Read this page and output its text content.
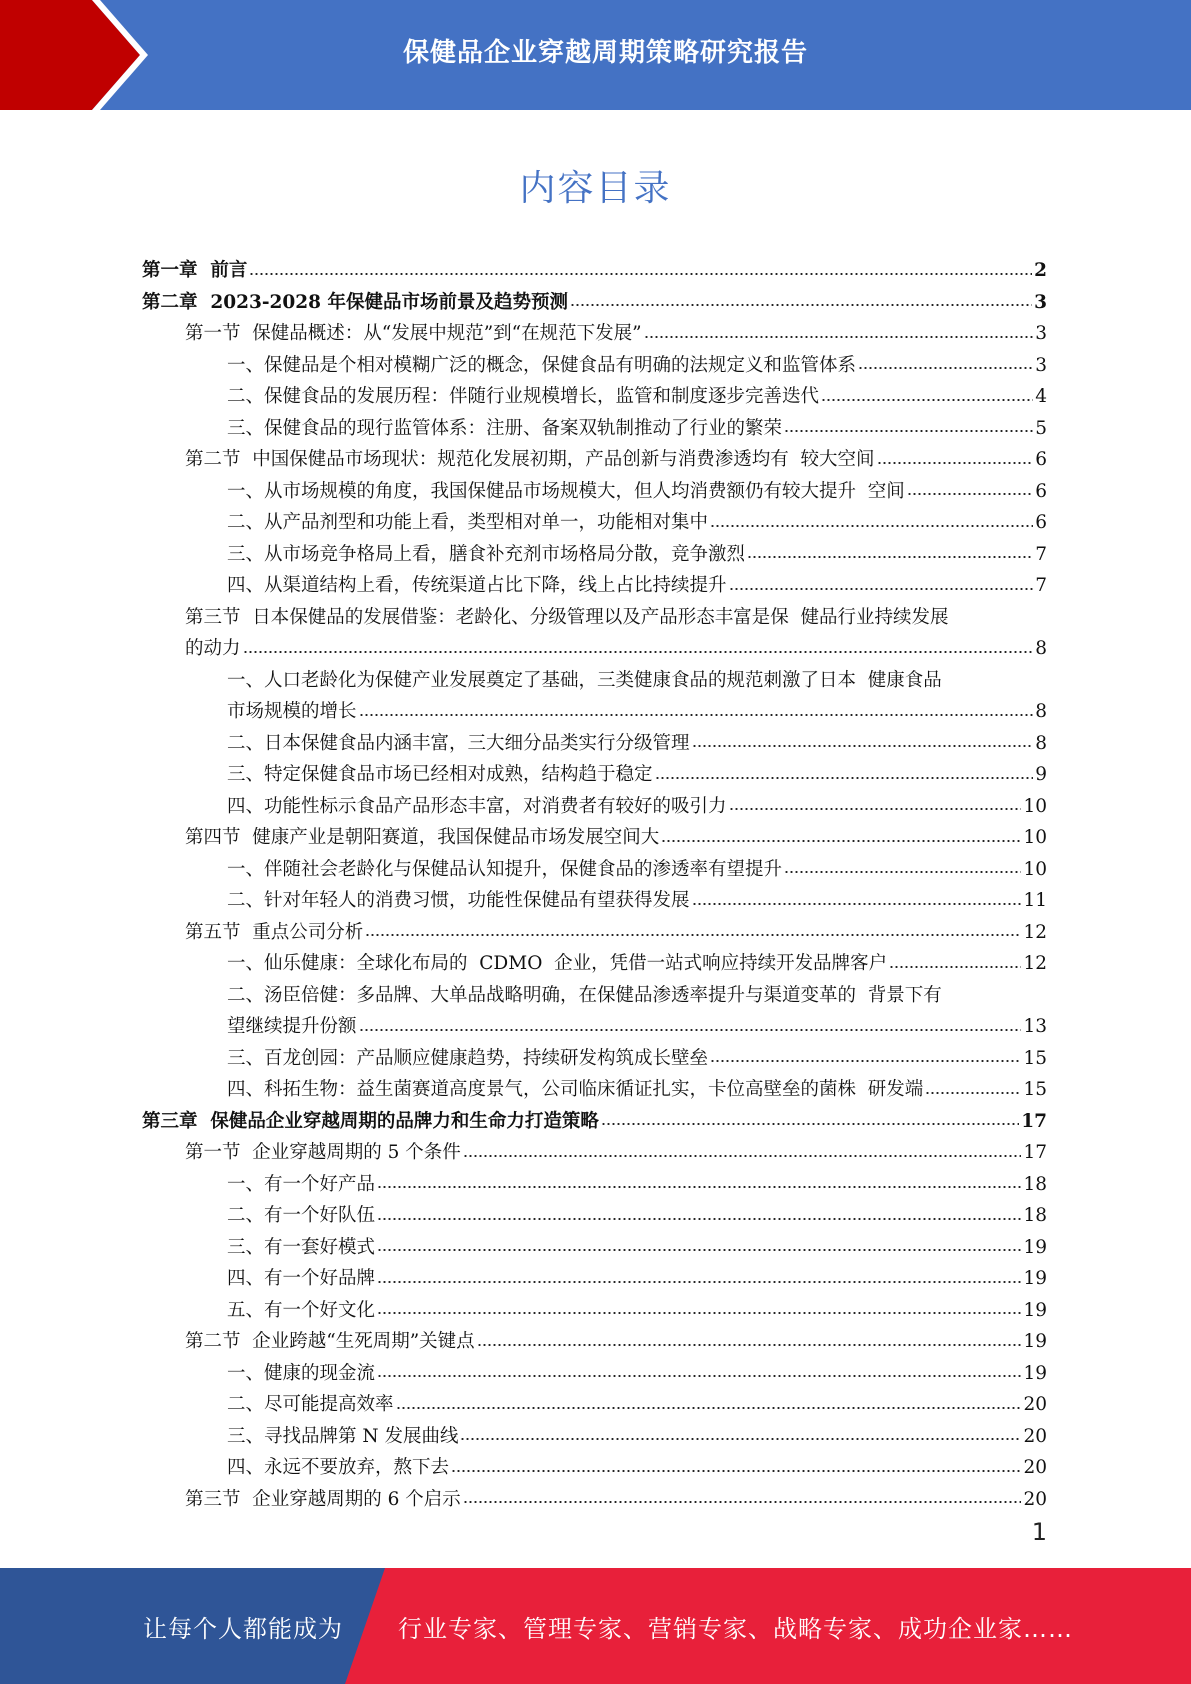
保健品企业穿越周期策略研究报告
内容目录
第一章  前言	2
第二章  2023-2028 年保健品市场前景及趋势预测	3
第一节  保健品概述：从“发展中规范”到“在规范下发展”	3
一、保健品是个相对模糊广泛的概念，保健食品有明确的法规定义和监管体系	3
二、保健食品的发展历程：伴随行业规模增长，监管和制度逐步完善迭代	4
三、保健食品的现行监管体系：注册、备案双轨制推动了行业的繁荣	5
第二节  中国保健品市场现状：规范化发展初期，产品创新与消费渗透均有  较大空间	6
一、从市场规模的角度，我国保健品市场规模大，但人均消费额仍有较大提升  空间	6
二、从产品剂型和功能上看，类型相对单一，功能相对集中	6
三、从市场竞争格局上看，膳食补充剂市场格局分散，竞争激烈	7
四、从渠道结构上看，传统渠道占比下降，线上占比持续提升	7
第三节  日本保健品的发展借鉴：老龄化、分级管理以及产品形态丰富是保  健品行业持续发展
的动力	8
一、人口老龄化为保健产业发展奠定了基础，三类健康食品的规范刺激了日本  健康食品
市场规模的增长	8
二、日本保健食品内涵丰富，三大细分品类实行分级管理	8
三、特定保健食品市场已经相对成熟，结构趋于稳定	9
四、功能性标示食品产品形态丰富，对消费者有较好的吸引力	10
第四节  健康产业是朝阳赛道，我国保健品市场发展空间大	10
一、伴随社会老龄化与保健品认知提升，保健食品的渗透率有望提升	10
二、针对年轻人的消费习惯，功能性保健品有望获得发展	11
第五节  重点公司分析	12
一、仙乐健康：全球化布局的  CDMO  企业，凭借一站式响应持续开发品牌客户	12
二、汤臣倍健：多品牌、大单品战略明确，在保健品渗透率提升与渠道变革的  背景下有
望继续提升份额	13
三、百龙创园：产品顺应健康趋势，持续研发构筑成长壁垒	15
四、科拓生物：益生菌赛道高度景气，公司临床循证扎实，卡位高壁垒的菌株  研发端	15
第三章  保健品企业穿越周期的品牌力和生命力打造策略	17
第一节  企业穿越周期的 5 个条件	17
一、有一个好产品	18
二、有一个好队伍	18
三、有一套好模式	19
四、有一个好品牌	19
五、有一个好文化	19
第二节  企业跨越“生死周期”关键点	19
一、健康的现金流	19
二、尽可能提高效率	20
三、寻找品牌第 N 发展曲线	20
四、永远不要放弃，熬下去	20
第三节  企业穿越周期的 6 个启示	20
1
让每个人都能成为 行业专家、管理专家、营销专家、战略专家、成功企业家……
